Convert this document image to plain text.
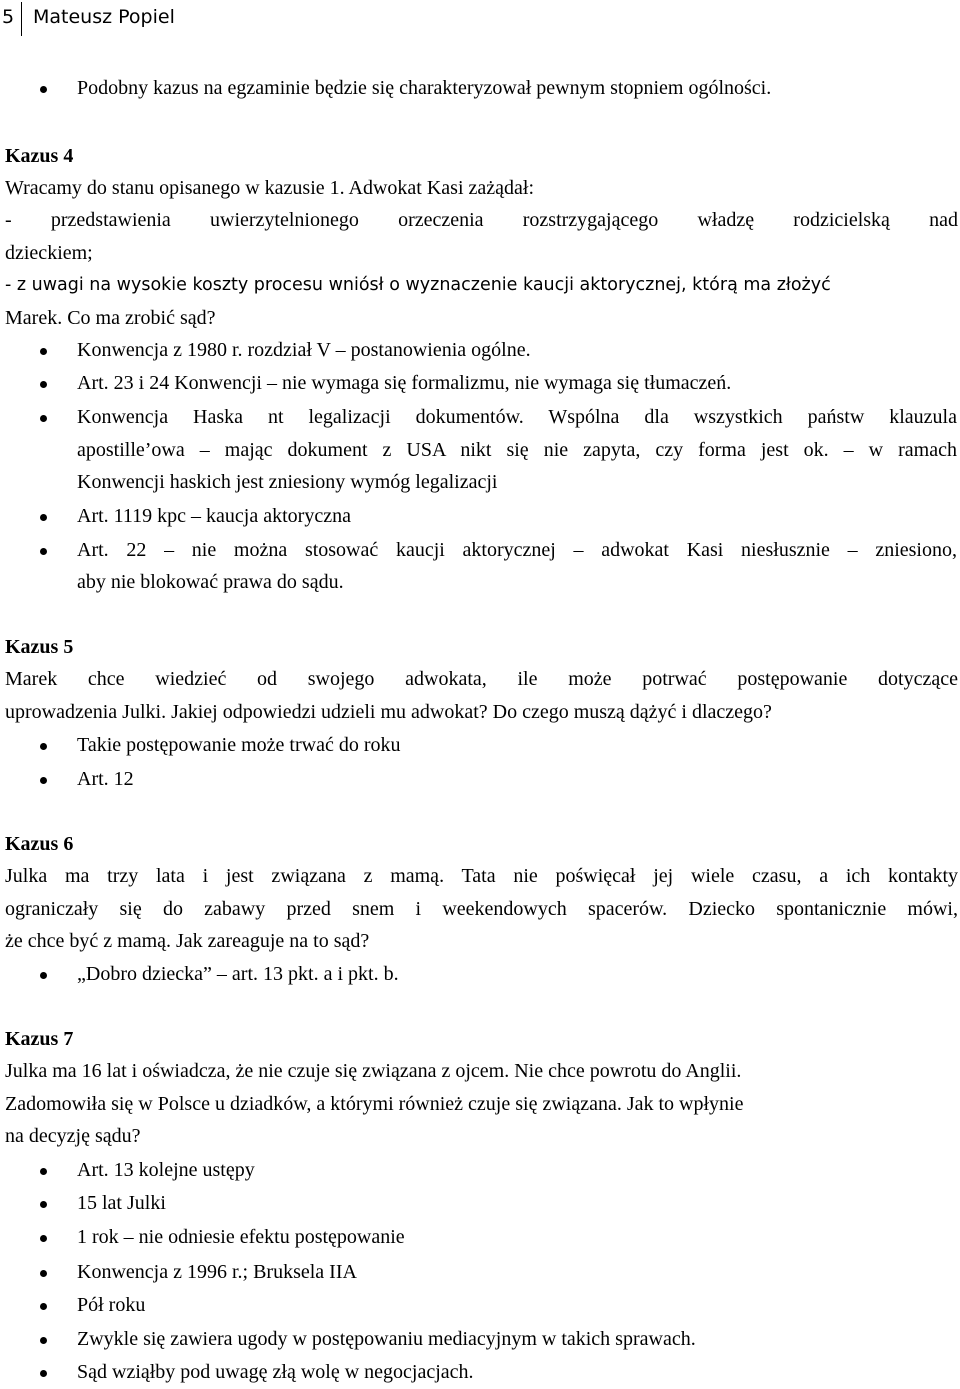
5 Mateusz Popiel
Podobny kazus na egzaminie będzie się charakteryzował pewnym stopniem ogólności.
Kazus 4
Wracamy do stanu opisanego w kazusie 1. Adwokat Kasi zażądał:
- przedstawienia uwierzytelnionego orzeczenia rozstrzygającego władzę rodzicielską nad
dzieckiem;
- z uwagi na wysokie koszty procesu wniósł o wyznaczenie kaucji aktorycznej, którą ma złożyć
Marek. Co ma zrobić sąd?
Konwencja z 1980 r. rozdział V – postanowienia ogólne.
Art. 23 i 24 Konwencji – nie wymaga się formalizmu, nie wymaga się tłumaczeń.
Konwencja Haska nt legalizacji dokumentów. Wspólna dla wszystkich państw klauzula
apostille’owa – mając dokument z USA nikt się nie zapyta, czy forma jest ok. – w ramach
Konwencji haskich jest zniesiony wymóg legalizacji
Art. 1119 kpc – kaucja aktoryczna
Art. 22 – nie można stosować kaucji aktorycznej – adwokat Kasi niesłusznie – zniesiono,
aby nie blokować prawa do sądu.
Kazus 5
Marek chce wiedzieć od swojego adwokata, ile może potrwać postępowanie dotyczące
uprowadzenia Julki. Jakiej odpowiedzi udzieli mu adwokat? Do czego muszą dążyć i dlaczego?
Takie postępowanie może trwać do roku
Art. 12
Kazus 6
Julka ma trzy lata i jest związana z mamą. Tata nie poświęcał jej wiele czasu, a ich kontakty
ograniczały się do zabawy przed snem i weekendowych spacerów. Dziecko spontanicznie mówi,
że chce być z mamą. Jak zareaguje na to sąd?
„Dobro dziecka” – art. 13 pkt. a i pkt. b.
Kazus 7
Julka ma 16 lat i oświadcza, że nie czuje się związana z ojcem. Nie chce powrotu do Anglii.
Zadomowiła się w Polsce u dziadków, a którymi również czuje się związana. Jak to wpłynie
na decyzję sądu?
Art. 13 kolejne ustępy
15 lat Julki
1 rok – nie odniesie efektu postępowanie
Konwencja z 1996 r.; Bruksela IIA
Pół roku
Zwykle się zawiera ugody w postępowaniu mediacyjnym w takich sprawach.
Sąd wziąłby pod uwagę złą wolę w negocjacjach.
